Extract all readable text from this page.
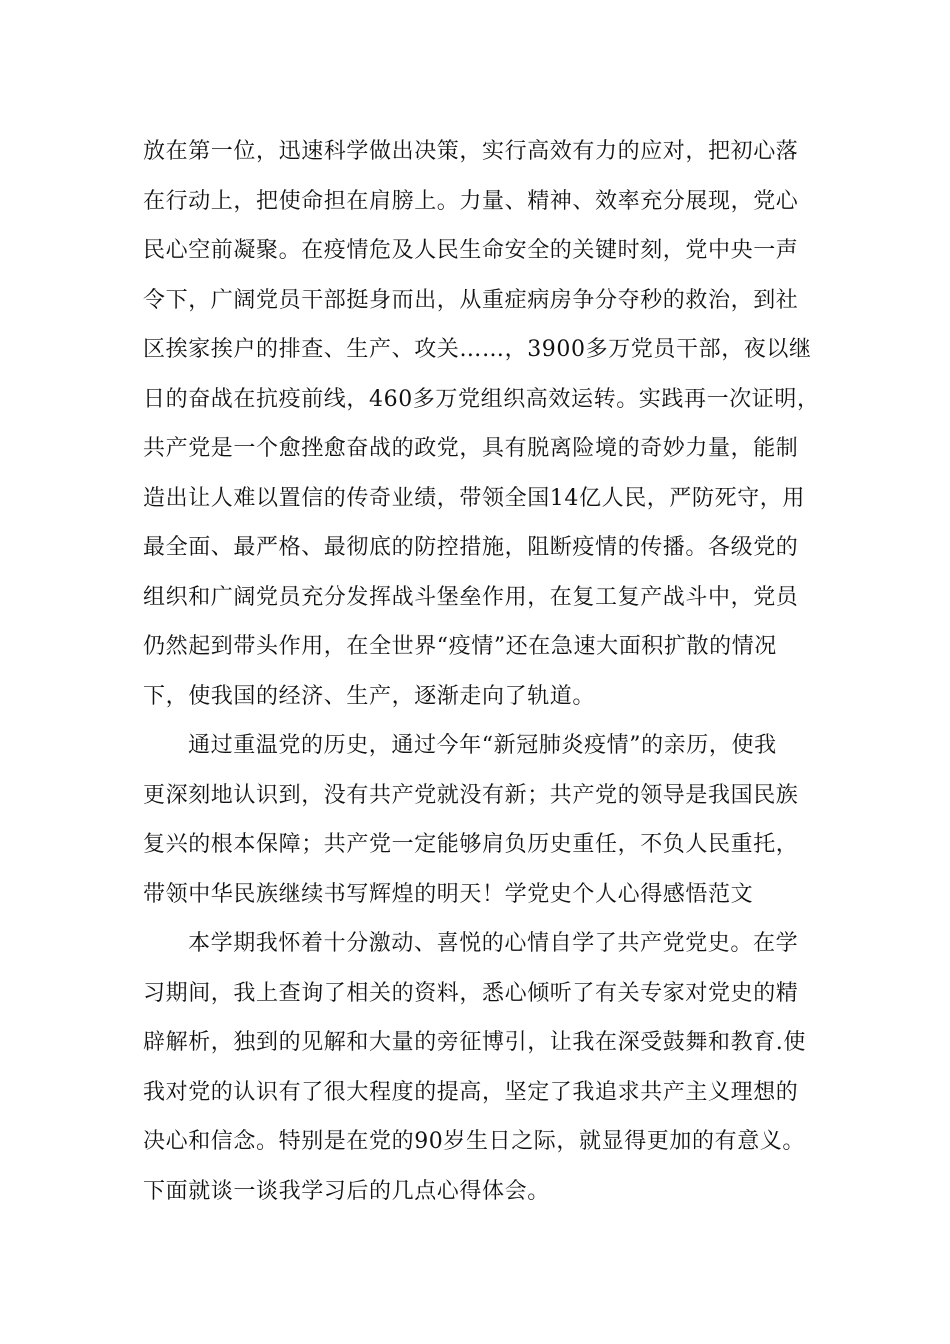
放在第一位，迅速科学做出决策，实行高效有力的应对，把初心落
在行动上，把使命担在肩膀上。力量、精神、效率充分展现，党心
民心空前凝聚。在疫情危及人民生命安全的关键时刻，党中央一声
令下，广阔党员干部挺身而出，从重症病房争分夺秒的救治，到社
区挨家挨户的排查、生产、攻关……，3900多万党员干部，夜以继
日的奋战在抗疫前线，460多万党组织高效运转。实践再一次证明，
共产党是一个愈挫愈奋战的政党，具有脱离险境的奇妙力量，能制
造出让人难以置信的传奇业绩，带领全国14亿人民，严防死守，用
最全面、最严格、最彻底的防控措施，阻断疫情的传播。各级党的
组织和广阔党员充分发挥战斗堡垒作用，在复工复产战斗中，党员
仍然起到带头作用，在全世界“疫情”还在急速大面积扩散的情况
下，使我国的经济、生产，逐渐走向了轨道。
通过重温党的历史，通过今年“新冠肺炎疫情”的亲历，使我
更深刻地认识到，没有共产党就没有新；共产党的领导是我国民族
复兴的根本保障；共产党一定能够肩负历史重任，不负人民重托，
带领中华民族继续书写辉煌的明天！学党史个人心得感悟范文
本学期我怀着十分激动、喜悦的心情自学了共产党党史。在学
习期间，我上查询了相关的资料，悉心倾听了有关专家对党史的精
辟解析，独到的见解和大量的旁征博引，让我在深受鼓舞和教育.使
我对党的认识有了很大程度的提高，坚定了我追求共产主义理想的
决心和信念。特别是在党的90岁生日之际，就显得更加的有意义。
下面就谈一谈我学习后的几点心得体会。
